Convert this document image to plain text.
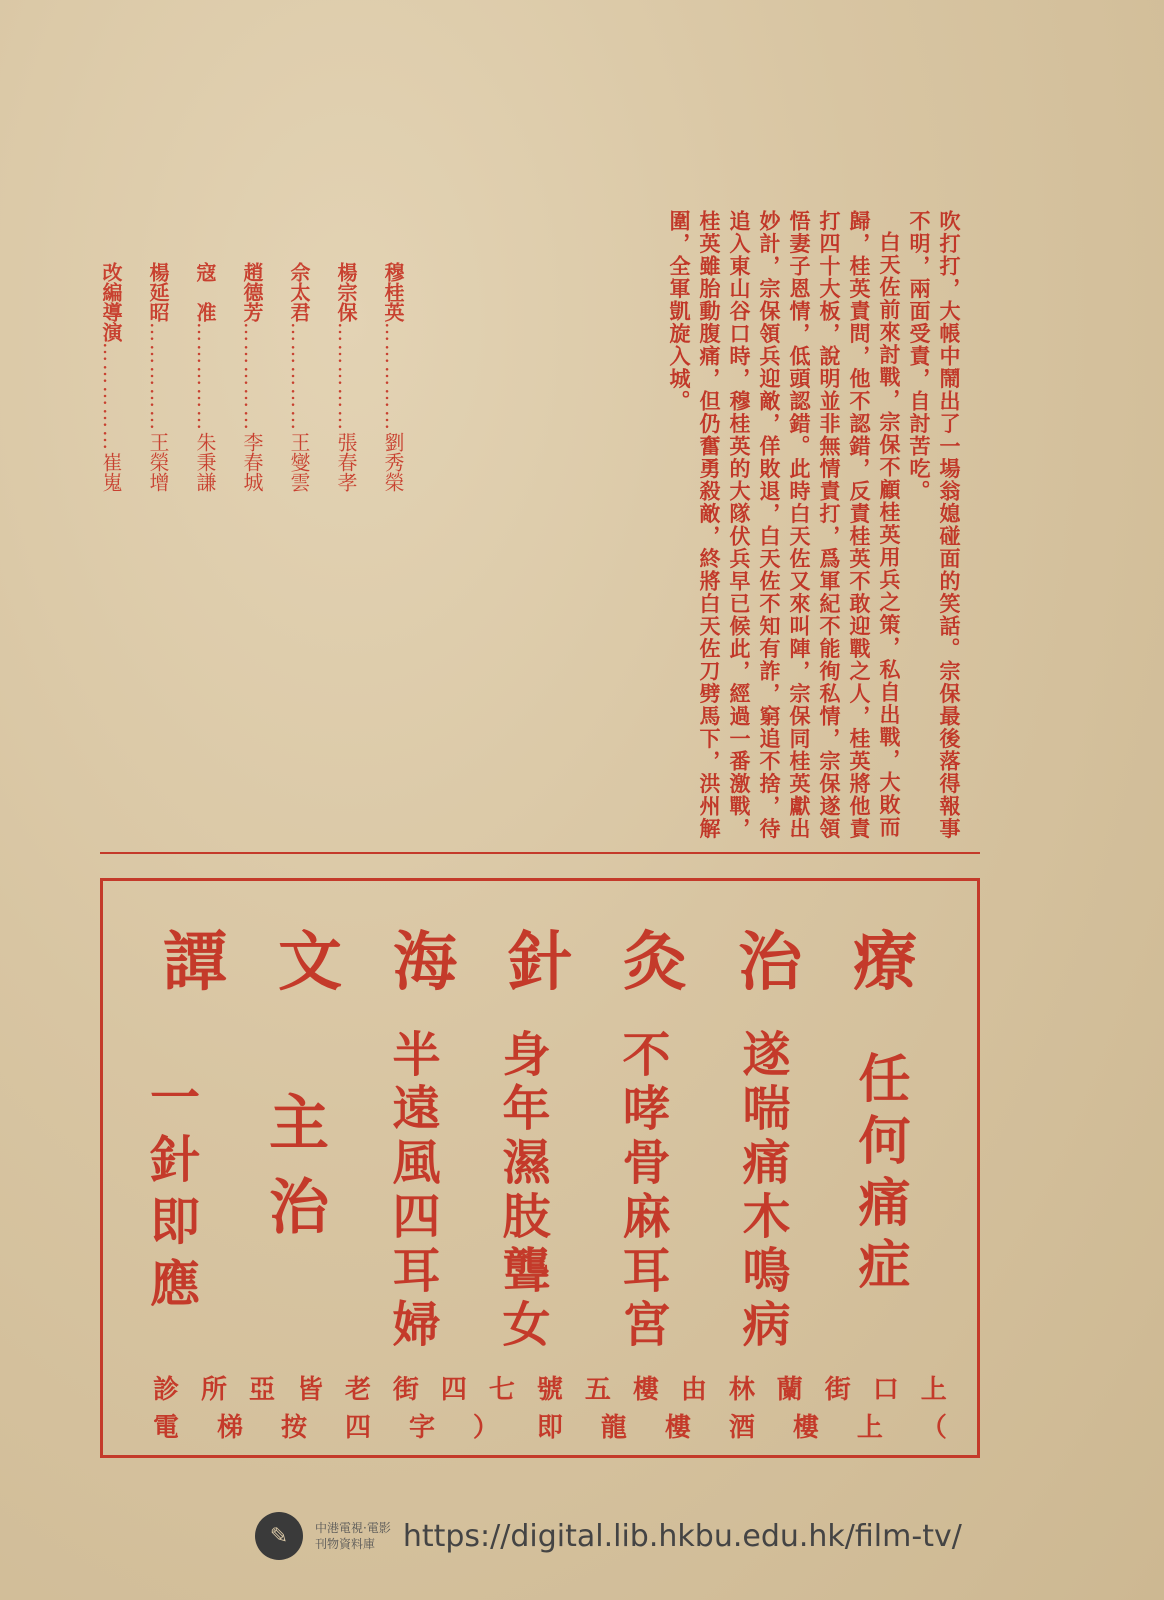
吹打打，大帳中鬧出了一場翁媳碰面的笑話。宗保最後落得報事不明，兩面受責，自討苦吃。

白天佐前來討戰，宗保不顧桂英用兵之策，私自出戰，大敗而歸，桂英責問，他不認錯，反責桂英不敢迎戰之人，桂英將他責打四十大板，說明並非無情責打，爲軍紀不能徇私情，宗保遂領悟妻子恩情，低頭認錯。此時白天佐又來叫陣，宗保同桂英獻出妙計，宗保領兵迎敵，佯敗退，白天佐不知有詐，窮追不捨，待追入東山谷口時，穆桂英的大隊伏兵早已候此，經過一番激戰，桂英雖胎動腹痛，但仍奮勇殺敵，終將白天佐刀劈馬下，洪州解圍，全軍凱旋入城。

穆桂英……………劉秀榮
楊宗保……………張春孝
佘太君……………王燮雲
趙德芳……………李春城
寇　准……………朱秉謙
楊延昭……………王榮增
改編導演……………崔嵬
譚 文 海 針 灸 治 療
任何痛症
遂喘痛木鳴病
不哮骨麻耳宮
身年濕肢聾女
半遠風四耳婦
主治
一針即應
診 所 亞 皆 老 街 四 七 號 五 樓 由 林 蘭 街 口 上
電 梯 按 四 字 ） 即 龍 樓 酒 樓 上 （
✎	中港電視·電影
刊物資料庫 https://digital.lib.hkbu.edu.hk/film-tv/
